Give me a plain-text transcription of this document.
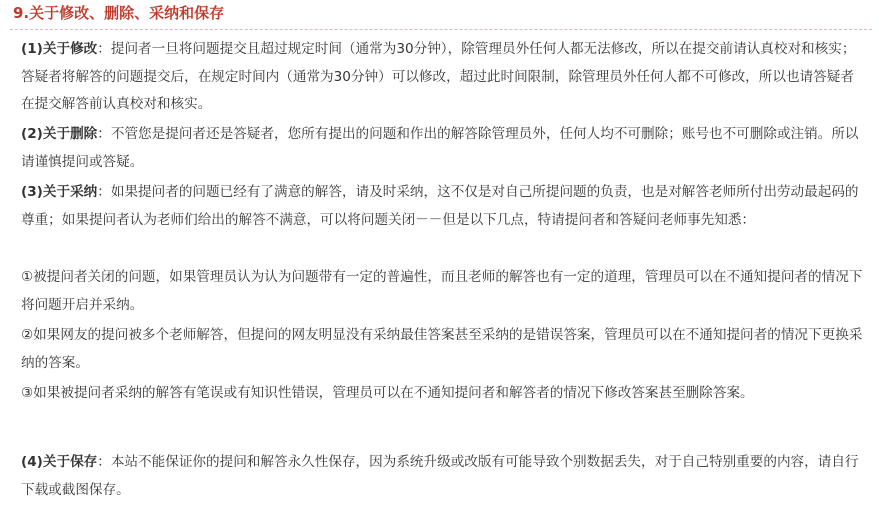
9.关于修改、删除、采纳和保存

(1)关于修改：提问者一旦将问题提交且超过规定时间（通常为30分钟），除管理员外任何人都无法修改，所以在提交前请认真校对和核实；答疑者将解答的问题提交后，在规定时间内（通常为30分钟）可以修改，超过此时间限制，除管理员外任何人都不可修改，所以也请答疑者在提交解答前认真校对和核实。

(2)关于删除：不管您是提问者还是答疑者，您所有提出的问题和作出的解答除管理员外，任何人均不可删除；账号也不可删除或注销。所以请谨慎提问或答疑。

(3)关于采纳：如果提问者的问题已经有了满意的解答，请及时采纳，这不仅是对自己所提问题的负责，也是对解答老师所付出劳动最起码的尊重；如果提问者认为老师们给出的解答不满意，可以将问题关闭－－但是以下几点，特请提问者和答疑问老师事先知悉：

①被提问者关闭的问题，如果管理员认为认为问题带有一定的普遍性，而且老师的解答也有一定的道理，管理员可以在不通知提问者的情况下将问题开启并采纳。

②如果网友的提问被多个老师解答，但提问的网友明显没有采纳最佳答案甚至采纳的是错误答案，管理员可以在不通知提问者的情况下更换采纳的答案。

③如果被提问者采纳的解答有笔误或有知识性错误，管理员可以在不通知提问者和解答者的情况下修改答案甚至删除答案。

(4)关于保存：本站不能保证你的提问和解答永久性保存，因为系统升级或改版有可能导致个别数据丢失，对于自己特别重要的内容，请自行下载或截图保存。
